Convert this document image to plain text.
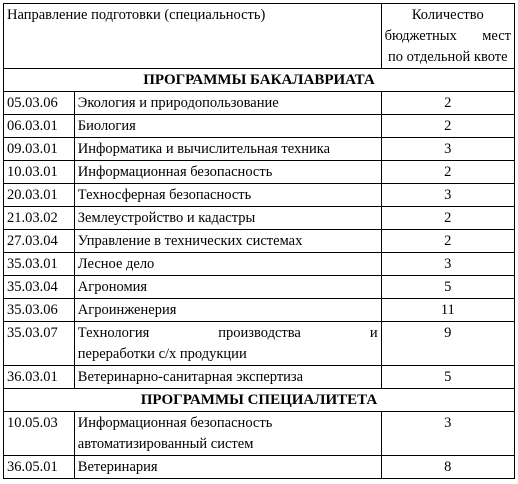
Направление подготовки (специальность)		Количество
бюджетных мест
по отдельной квоте

ПРОГРАММЫ БАКАЛАВРИАТА		
05.03.06	Экология и природопользование	2
06.03.01	Биология	2
09.03.01	Информатика и вычислительная техника	3
10.03.01	Информационная безопасность	2
20.03.01	Техносферная безопасность	3
21.03.02	Землеустройство и кадастры	2
27.03.04	Управление в технических системах	2
35.03.01	Лесное дело	3
35.03.04	Агрономия	5
35.03.06	Агроинженерия	11
35.03.07	Технология производства и
переработки с/х продукции	9
36.03.01	Ветеринарно-санитарная экспертиза	5
ПРОГРАММЫ СПЕЦИАЛИТЕТА		
10.05.03	Информационная безопасность
автоматизированный систем	3
36.05.01	Ветеринария	8
